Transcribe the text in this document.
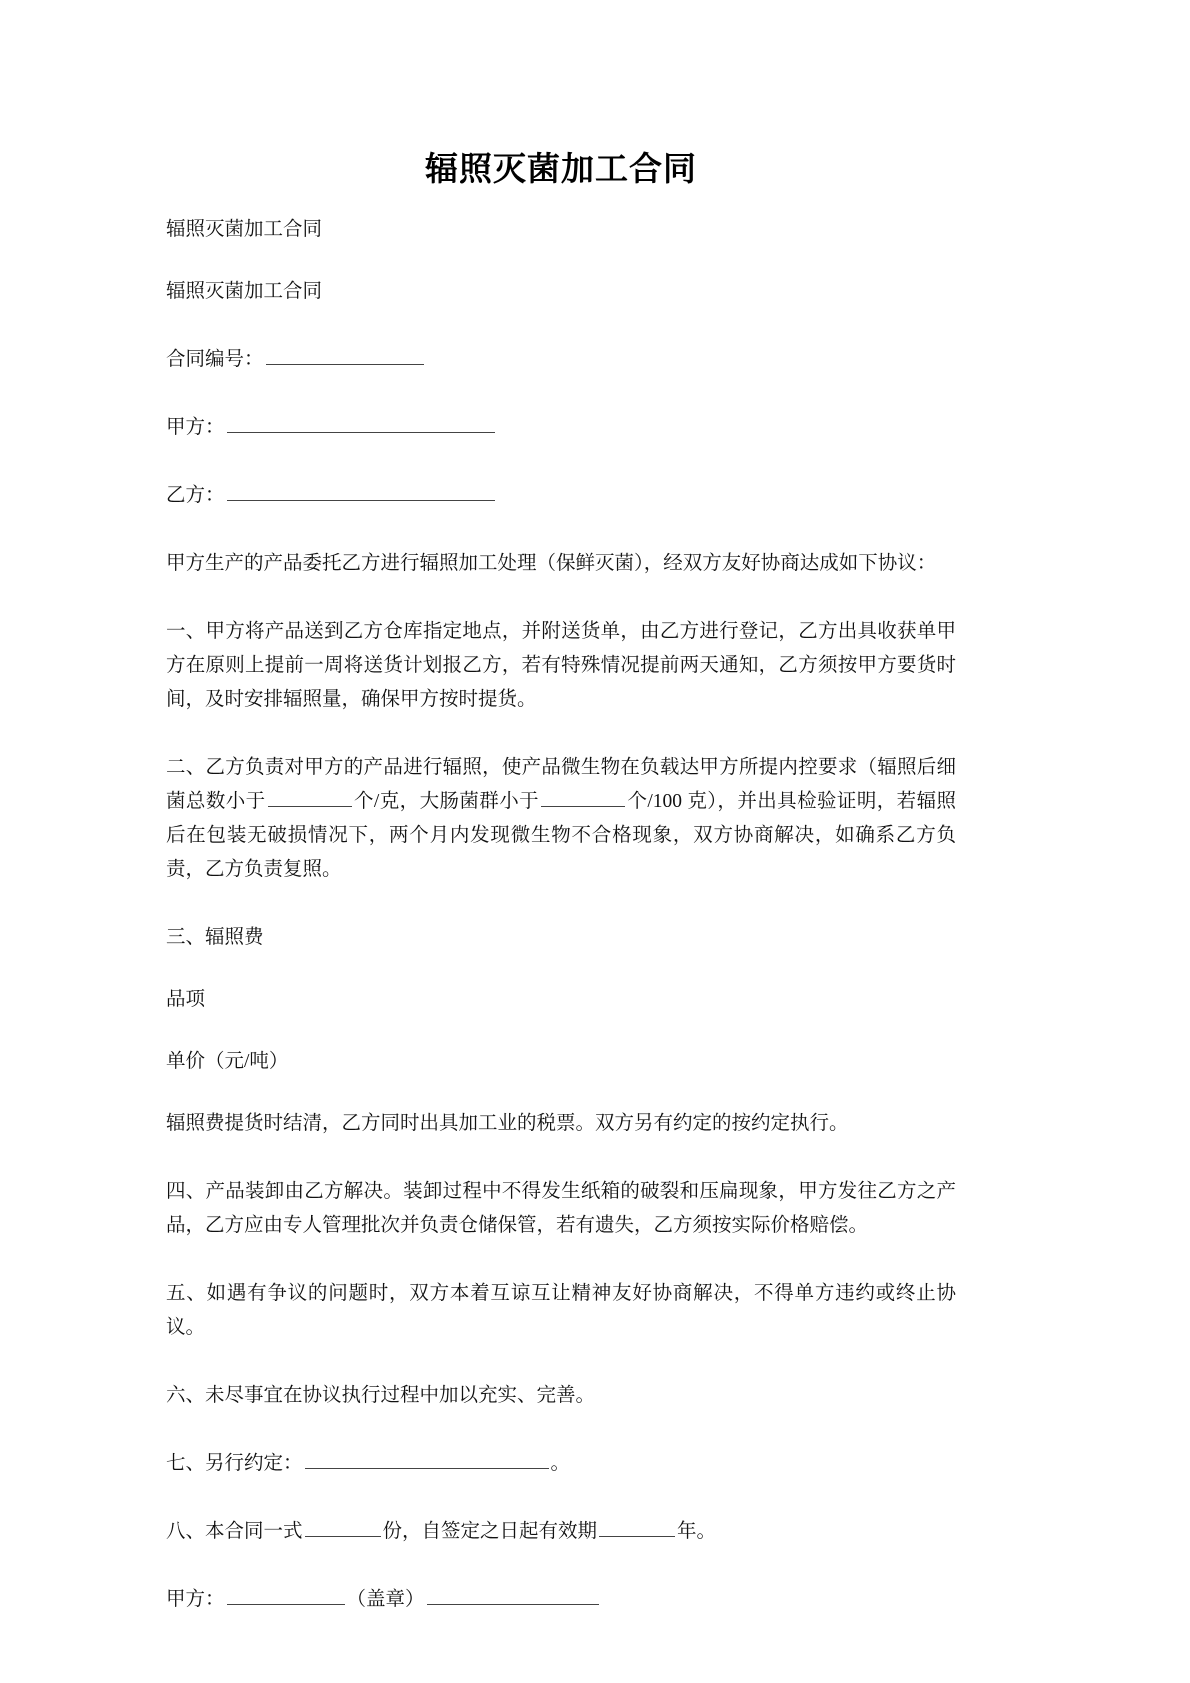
辐照灭菌加工合同

辐照灭菌加工合同

辐照灭菌加工合同

合同编号：

甲方：

乙方：

甲方生产的产品委托乙方进行辐照加工处理（保鲜灭菌），经双方友好协商达成如下协议：

一、甲方将产品送到乙方仓库指定地点，并附送货单，由乙方进行登记，乙方出具收获单甲方在原则上提前一周将送货计划报乙方，若有特殊情况提前两天通知，乙方须按甲方要货时间，及时安排辐照量，确保甲方按时提货。

二、乙方负责对甲方的产品进行辐照，使产品微生物在负载达甲方所提内控要求（辐照后细菌总数小于	个/克，大肠菌群小于	个/100 克），并出具检验证明，若辐照后在包装无破损情况下，两个月内发现微生物不合格现象，双方协商解决，如确系乙方负责，乙方负责复照。

三、辐照费

品项

单价（元/吨）

辐照费提货时结清，乙方同时出具加工业的税票。双方另有约定的按约定执行。

四、产品装卸由乙方解决。装卸过程中不得发生纸箱的破裂和压扁现象，甲方发往乙方之产品，乙方应由专人管理批次并负责仓储保管，若有遗失，乙方须按实际价格赔偿。

五、如遇有争议的问题时，双方本着互谅互让精神友好协商解决，不得单方违约或终止协议。

六、未尽事宜在协议执行过程中加以充实、完善。

七、另行约定：	。

八、本合同一式	份，自签定之日起有效期	年。

甲方：	（盖章）
